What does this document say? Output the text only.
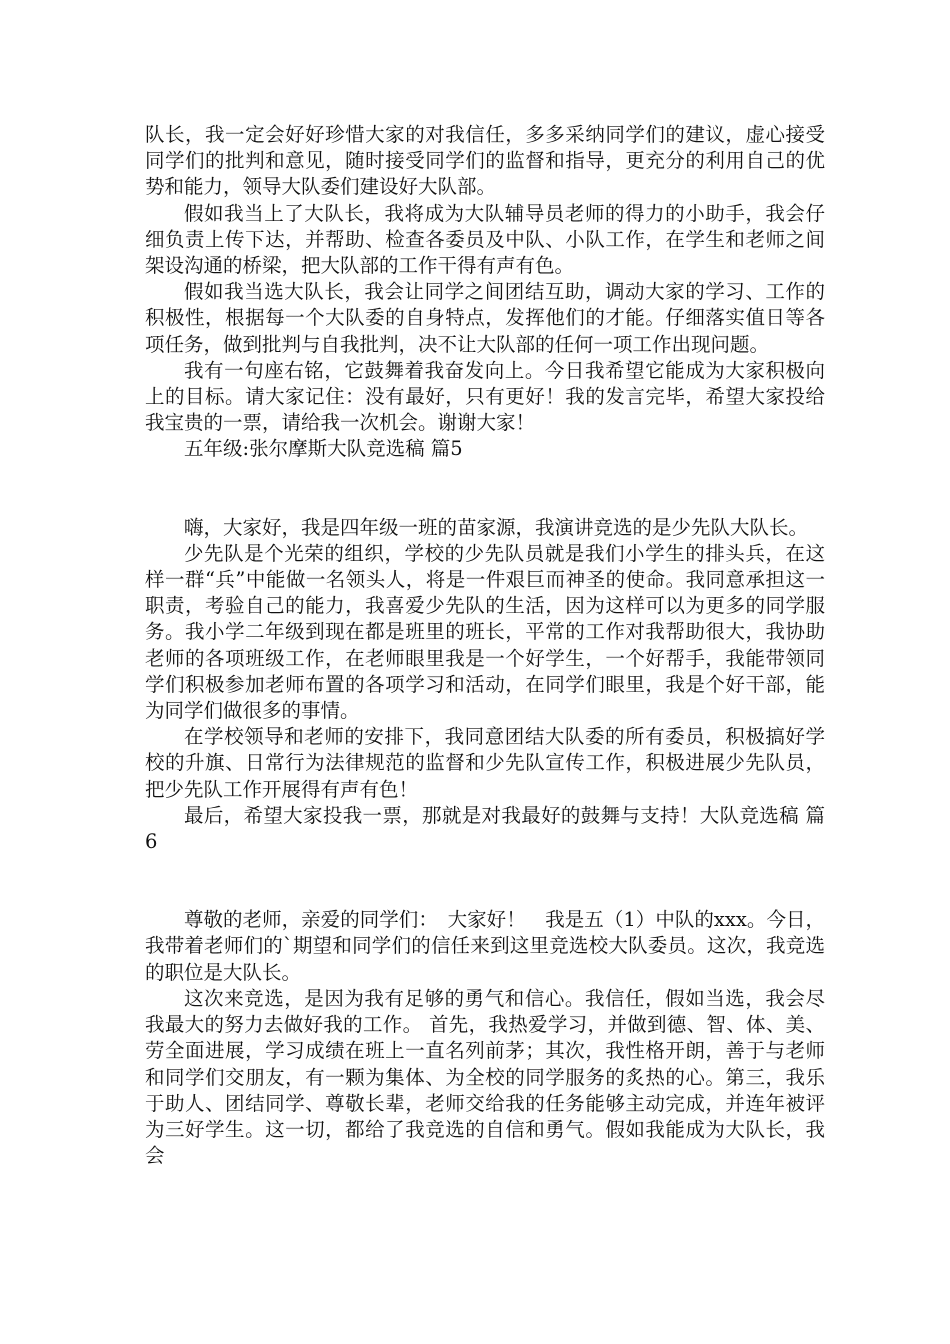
队长，我一定会好好珍惜大家的对我信任，多多采纳同学们的建议，虚心接受同学们的批判和意见，随时接受同学们的监督和指导，更充分的利用自己的优势和能力，领导大队委们建设好大队部。

假如我当上了大队长，我将成为大队辅导员老师的得力的小助手，我会仔细负责上传下达，并帮助、检查各委员及中队、小队工作，在学生和老师之间架设沟通的桥梁，把大队部的工作干得有声有色。

假如我当选大队长，我会让同学之间团结互助，调动大家的学习、工作的积极性，根据每一个大队委的自身特点，发挥他们的才能。仔细落实值日等各项任务，做到批判与自我批判，决不让大队部的任何一项工作出现问题。

我有一句座右铭，它鼓舞着我奋发向上。今日我希望它能成为大家积极向上的目标。请大家记住：没有最好，只有更好！我的发言完毕，希望大家投给我宝贵的一票，请给我一次机会。谢谢大家！

五年级:张尔摩斯大队竞选稿 篇5

嗨，大家好，我是四年级一班的苗家源，我演讲竞选的是少先队大队长。

少先队是个光荣的组织，学校的少先队员就是我们小学生的排头兵，在这样一群“兵”中能做一名领头人，将是一件艰巨而神圣的使命。我同意承担这一职责，考验自己的能力，我喜爱少先队的生活，因为这样可以为更多的同学服务。我小学二年级到现在都是班里的班长，平常的工作对我帮助很大，我协助老师的各项班级工作，在老师眼里我是一个好学生，一个好帮手，我能带领同学们积极参加老师布置的各项学习和活动，在同学们眼里，我是个好干部，能为同学们做很多的事情。

在学校领导和老师的安排下，我同意团结大队委的所有委员，积极搞好学校的升旗、日常行为法律规范的监督和少先队宣传工作，积极进展少先队员，把少先队工作开展得有声有色！

最后，希望大家投我一票，那就是对我最好的鼓舞与支持！大队竞选稿 篇6

尊敬的老师，亲爱的同学们：　大家好！　我是五（1）中队的xxx。今日，我带着老师们的`期望和同学们的信任来到这里竞选校大队委员。这次，我竞选的职位是大队长。

这次来竞选，是因为我有足够的勇气和信心。我信任，假如当选，我会尽我最大的努力去做好我的工作。 首先，我热爱学习，并做到德、智、体、美、劳全面进展，学习成绩在班上一直名列前茅；其次，我性格开朗，善于与老师和同学们交朋友，有一颗为集体、为全校的同学服务的炙热的心。第三，我乐于助人、团结同学、尊敬长辈，老师交给我的任务能够主动完成，并连年被评为三好学生。这一切，都给了我竞选的自信和勇气。假如我能成为大队长，我会
